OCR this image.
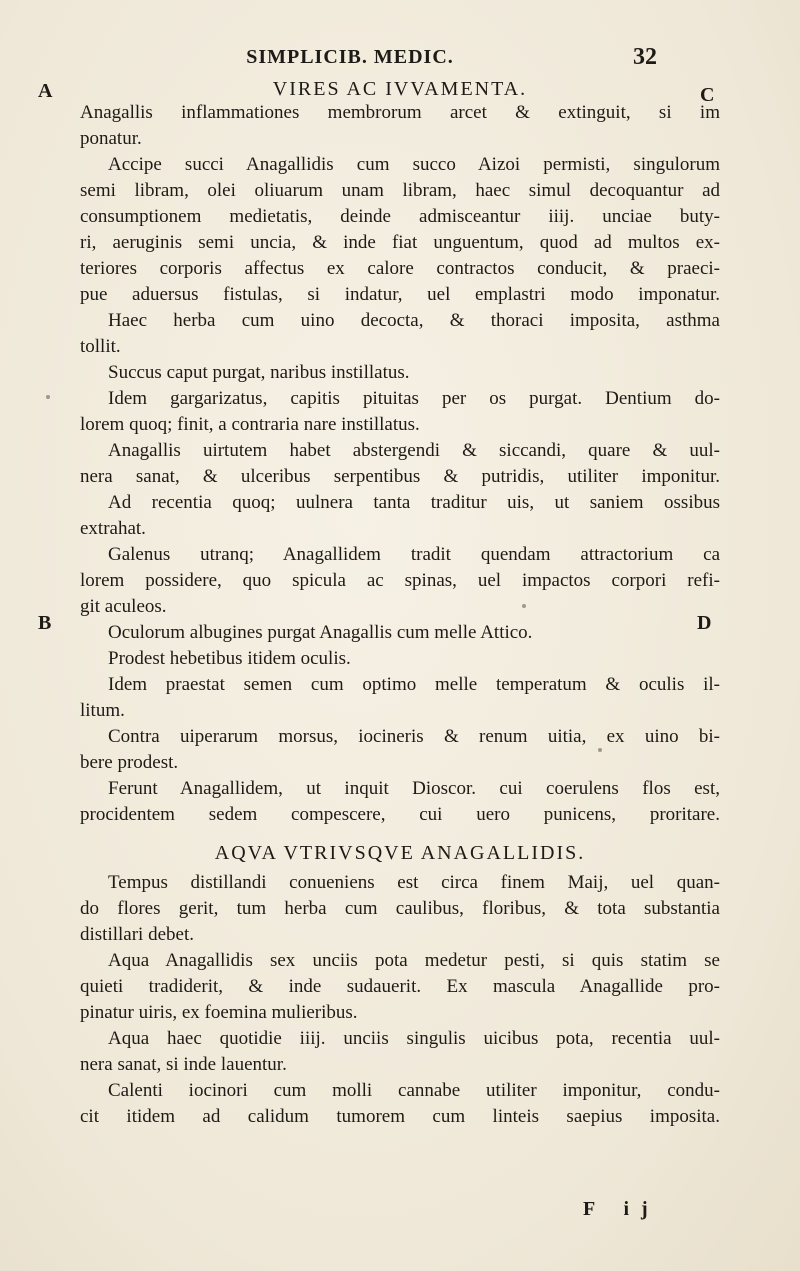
SIMPLICIB. MEDIC.	32
A	C
B	D
VIRES AC IVVAMENTA.
Anagallis inflammationes membrorum arcet & extinguit, si im
ponatur.
Accipe succi Anagallidis cum succo Aizoi permisti, singulorum
semi libram, olei oliuarum unam libram, haec simul decoquantur ad
consumptionem medietatis, deinde admisceantur iiij. unciae buty-
ri, aeruginis semi uncia, & inde fiat unguentum, quod ad multos ex-
teriores corporis affectus ex calore contractos conducit, & praeci-
pue aduersus fistulas, si indatur, uel emplastri modo imponatur.
Haec herba cum uino decocta, & thoraci imposita, asthma
tollit.
Succus caput purgat, naribus instillatus.
Idem gargarizatus, capitis pituitas per os purgat. Dentium do-
lorem quoq; finit, a contraria nare instillatus.
Anagallis uirtutem habet abstergendi & siccandi, quare & uul-
nera sanat, & ulceribus serpentibus & putridis, utiliter imponitur.
Ad recentia quoq; uulnera tanta traditur uis, ut saniem ossibus
extrahat.
Galenus utranq; Anagallidem tradit quendam attractorium ca
lorem possidere, quo spicula ac spinas, uel impactos corpori refi-
git aculeos.
Oculorum albugines purgat Anagallis cum melle Attico.
Prodest hebetibus itidem oculis.
Idem praestat semen cum optimo melle temperatum & oculis il-
litum.
Contra uiperarum morsus, iocineris & renum uitia, ex uino bi-
bere prodest.
Ferunt Anagallidem, ut inquit Dioscor. cui coerulens flos est,
procidentem sedem compescere, cui uero punicens, proritare.
AQVA VTRIVSQVE ANAGALLIDIS.
Tempus distillandi conueniens est circa finem Maij, uel quan-
do flores gerit, tum herba cum caulibus, floribus, & tota substantia
distillari debet.
Aqua Anagallidis sex unciis pota medetur pesti, si quis statim se
quieti tradiderit, & inde sudauerit. Ex mascula Anagallide pro-
pinatur uiris, ex foemina mulieribus.
Aqua haec quotidie iiij. unciis singulis uicibus pota, recentia uul-
nera sanat, si inde lauentur.
Calenti iocinori cum molli cannabe utiliter imponitur, condu-
cit itidem ad calidum tumorem cum linteis saepius imposita.
F ij
